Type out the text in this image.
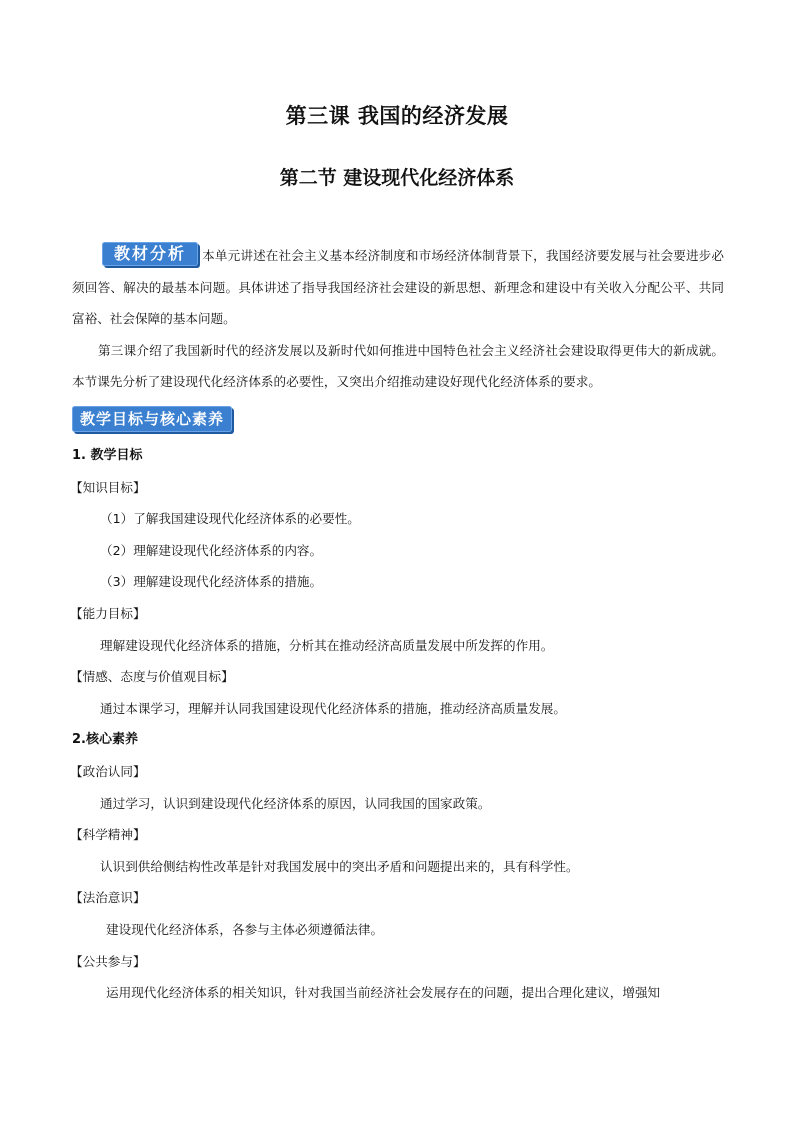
第三课 我国的经济发展
第二节 建设现代化经济体系
教材分析 本单元讲述在社会主义基本经济制度和市场经济体制背景下，我国经济要发展与社会要进步必须回答、解决的最基本问题。具体讲述了指导我国经济社会建设的新思想、新理念和建设中有关收入分配公平、共同富裕、社会保障的基本问题。
第三课介绍了我国新时代的经济发展以及新时代如何推进中国特色社会主义经济社会建设取得更伟大的新成就。本节课先分析了建设现代化经济体系的必要性，又突出介绍推动建设好现代化经济体系的要求。
教学目标与核心素养
1. 教学目标
【知识目标】
（1）了解我国建设现代化经济体系的必要性。
（2）理解建设现代化经济体系的内容。
（3）理解建设现代化经济体系的措施。
【能力目标】
理解建设现代化经济体系的措施，分析其在推动经济高质量发展中所发挥的作用。
【情感、态度与价值观目标】
通过本课学习，理解并认同我国建设现代化经济体系的措施，推动经济高质量发展。
2.核心素养
【政治认同】
通过学习，认识到建设现代化经济体系的原因，认同我国的国家政策。
【科学精神】
认识到供给侧结构性改革是针对我国发展中的突出矛盾和问题提出来的，具有科学性。
【法治意识】
建设现代化经济体系，各参与主体必须遵循法律。
【公共参与】
运用现代化经济体系的相关知识，针对我国当前经济社会发展存在的问题，提出合理化建议，增强知
